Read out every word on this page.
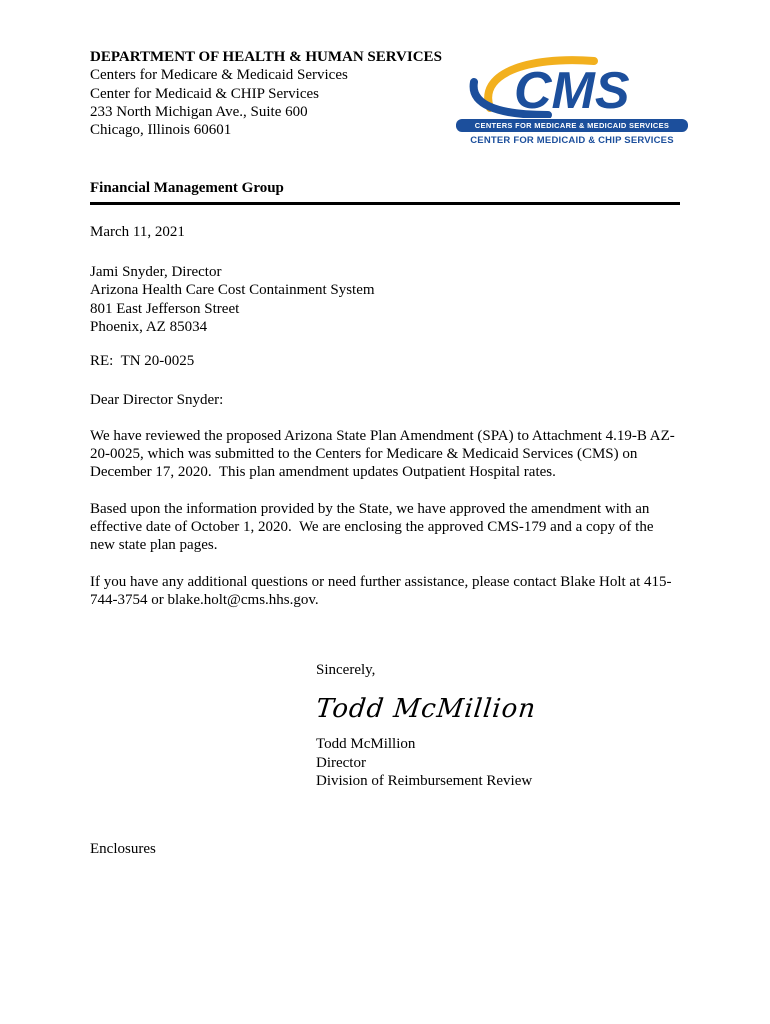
DEPARTMENT OF HEALTH & HUMAN SERVICES
Centers for Medicare & Medicaid Services
Center for Medicaid & CHIP Services
233 North Michigan Ave., Suite 600
Chicago, Illinois 60601
CMS
CENTERS FOR MEDICARE & MEDICAID SERVICES
CENTER FOR MEDICAID & CHIP SERVICES
Financial Management Group
March 11, 2021
Jami Snyder, Director
Arizona Health Care Cost Containment System
801 East Jefferson Street
Phoenix, AZ 85034
RE:  TN 20-0025
Dear Director Snyder:

We have reviewed the proposed Arizona State Plan Amendment (SPA) to Attachment 4.19-B AZ-20-0025, which was submitted to the Centers for Medicare & Medicaid Services (CMS) on December 17, 2020.  This plan amendment updates Outpatient Hospital rates.

Based upon the information provided by the State, we have approved the amendment with an effective date of October 1, 2020.  We are enclosing the approved CMS-179 and a copy of the new state plan pages.

If you have any additional questions or need further assistance, please contact Blake Holt at 415-744-3754 or blake.holt@cms.hhs.gov.

Sincerely,
Todd McMillion
Todd McMillion
Director
Division of Reimbursement Review
Enclosures
